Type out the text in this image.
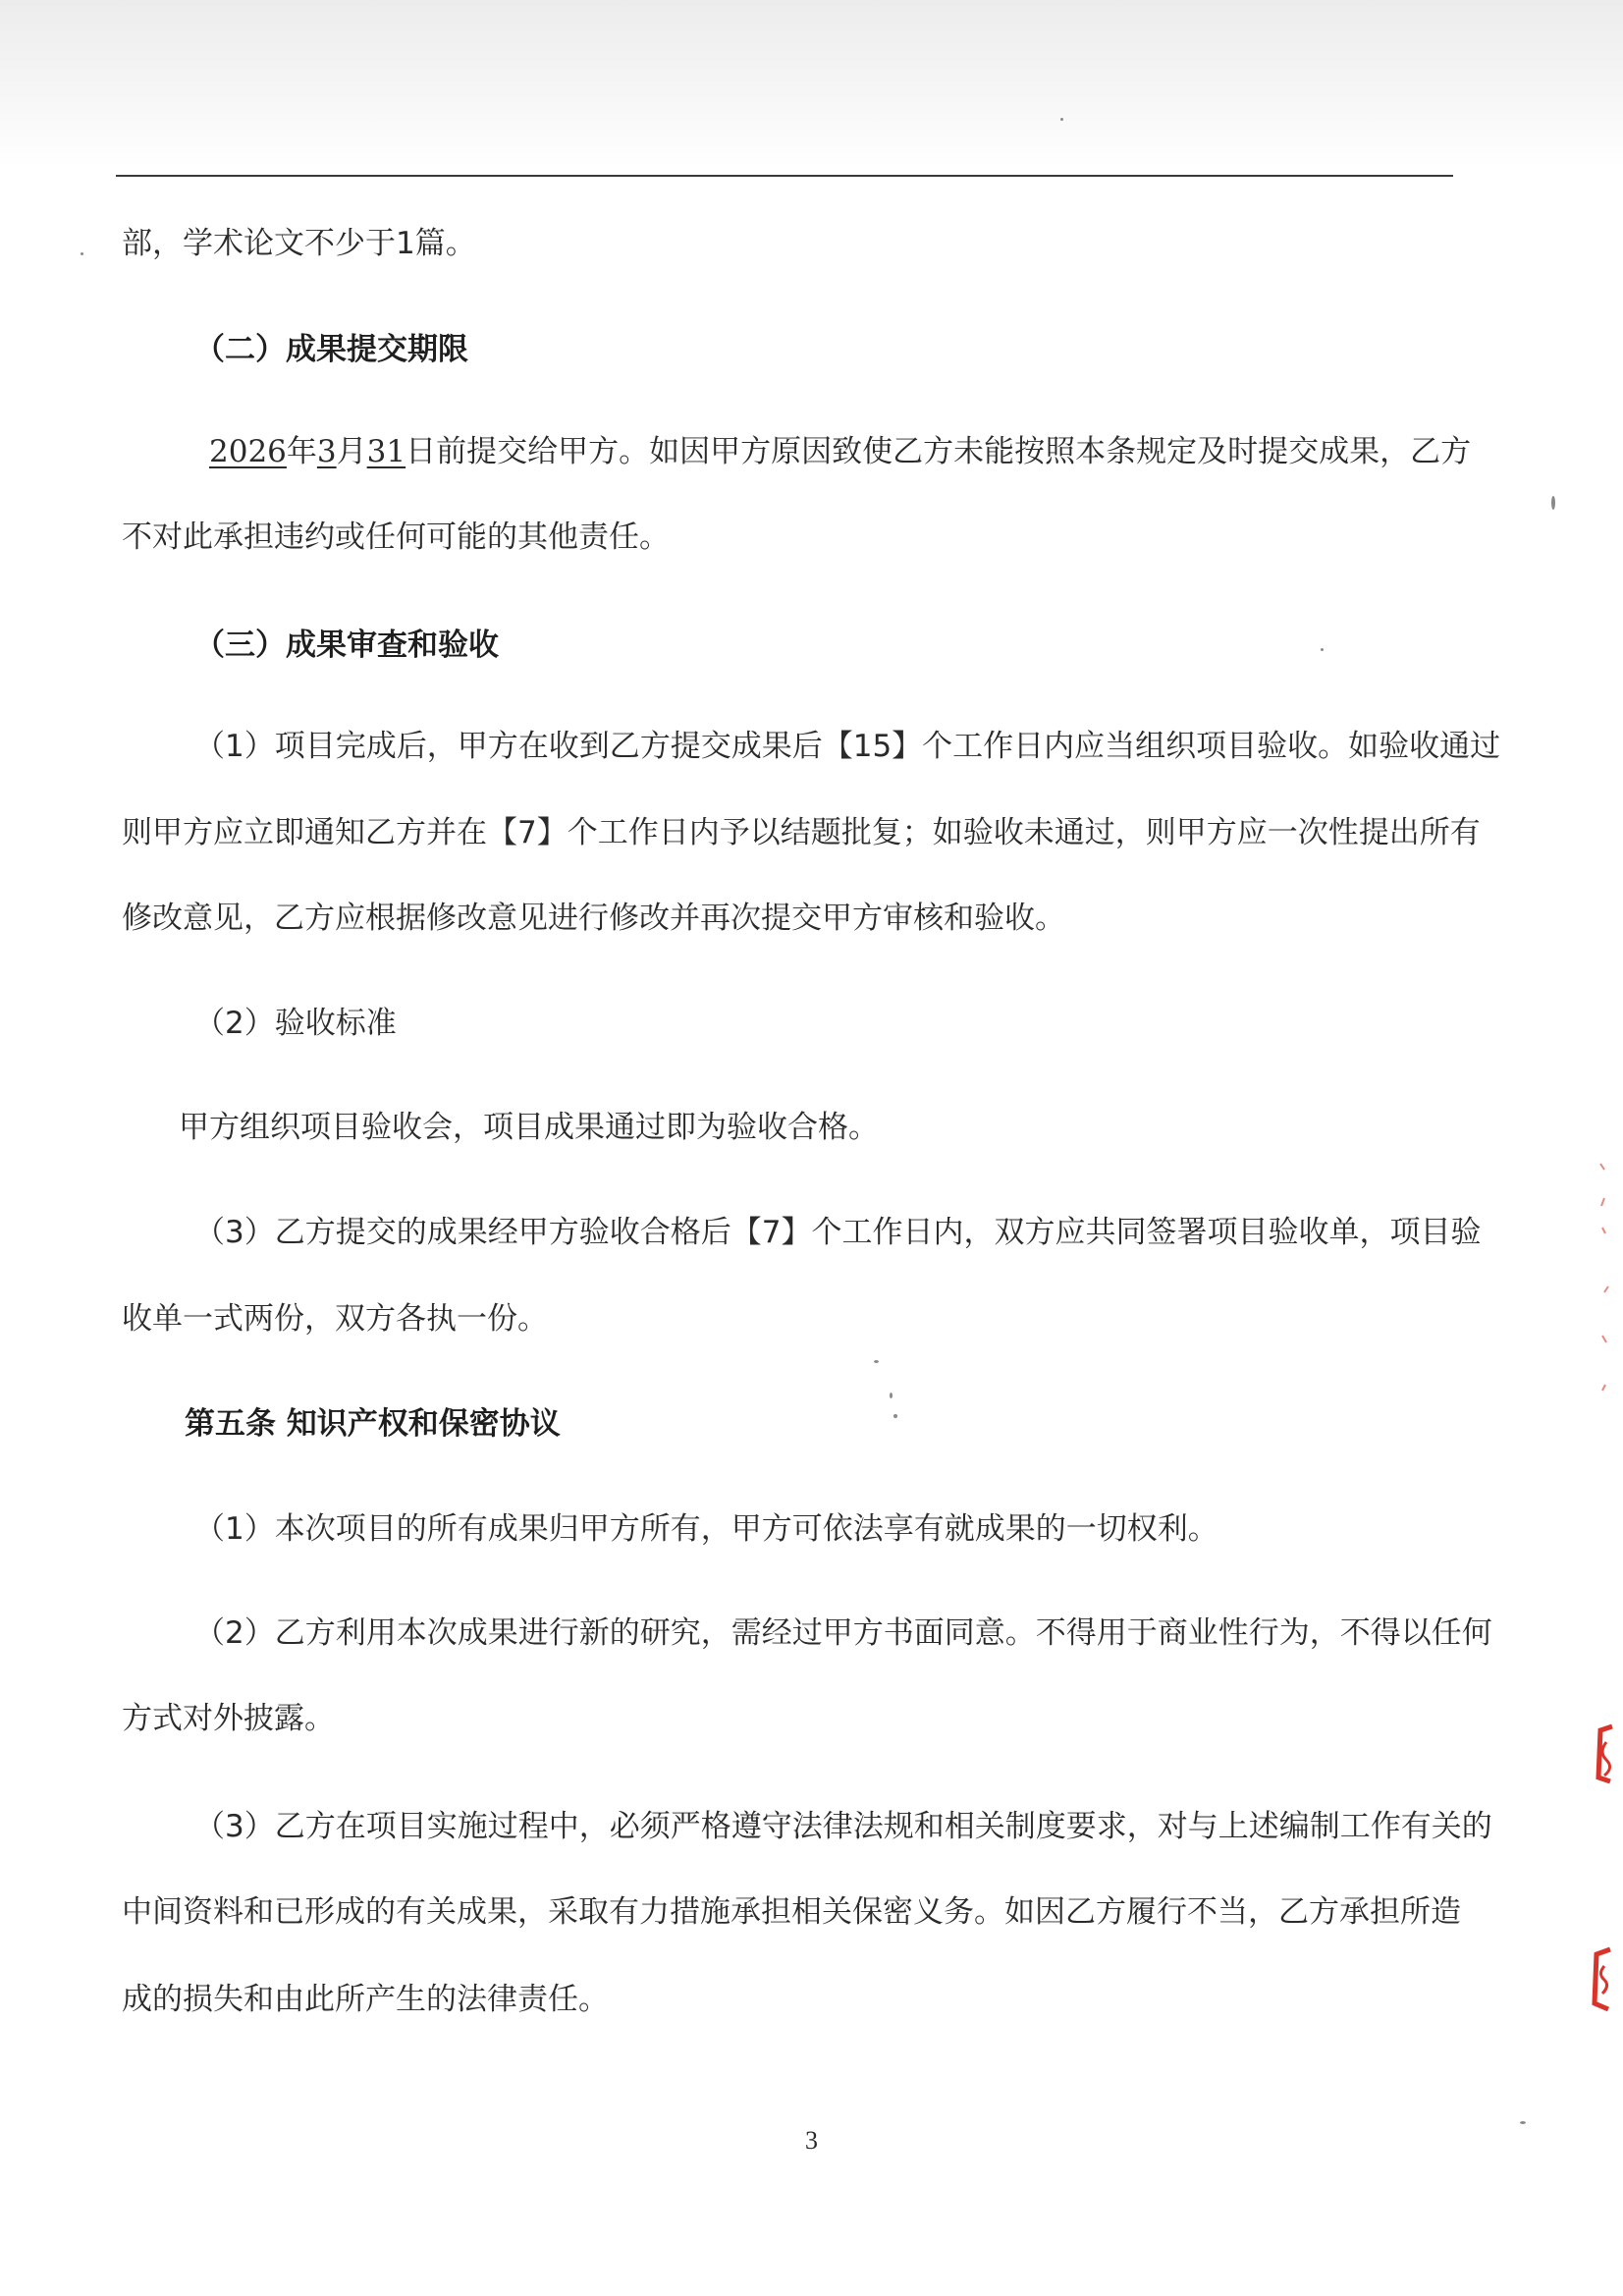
部，学术论文不少于1篇。
（二）成果提交期限
2026年3月31日前提交给甲方。如因甲方原因致使乙方未能按照本条规定及时提交成果，乙方
不对此承担违约或任何可能的其他责任。
（三）成果审查和验收
（1）项目完成后，甲方在收到乙方提交成果后【15】个工作日内应当组织项目验收。如验收通过
则甲方应立即通知乙方并在【7】个工作日内予以结题批复；如验收未通过，则甲方应一次性提出所有
修改意见，乙方应根据修改意见进行修改并再次提交甲方审核和验收。
（2）验收标准
甲方组织项目验收会，项目成果通过即为验收合格。
（3）乙方提交的成果经甲方验收合格后【7】个工作日内，双方应共同签署项目验收单，项目验
收单一式两份，双方各执一份。
第五条 知识产权和保密协议
（1）本次项目的所有成果归甲方所有，甲方可依法享有就成果的一切权利。
（2）乙方利用本次成果进行新的研究，需经过甲方书面同意。不得用于商业性行为，不得以任何
方式对外披露。
（3）乙方在项目实施过程中，必须严格遵守法律法规和相关制度要求，对与上述编制工作有关的
中间资料和已形成的有关成果，采取有力措施承担相关保密义务。如因乙方履行不当，乙方承担所造
成的损失和由此所产生的法律责任。
3
